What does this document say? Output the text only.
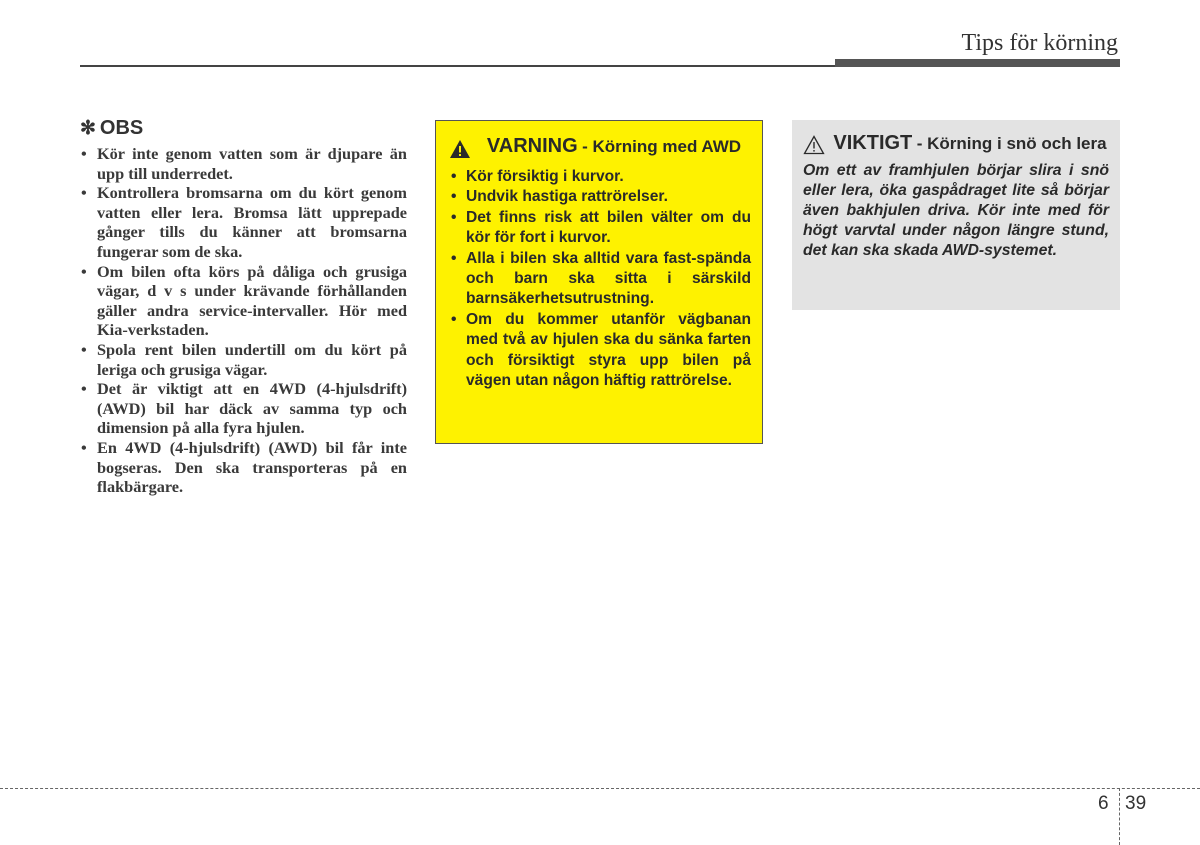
Tips för körning
✻ OBS
• Kör inte genom vatten som är djupare än upp till underredet.
• Kontrollera bromsarna om du kört genom vatten eller lera. Bromsa lätt upprepade gånger tills du känner att bromsarna fungerar som de ska.
• Om bilen ofta körs på dåliga och grusiga vägar, d v s under krävande förhållanden gäller andra service-intervaller. Hör med Kia-verkstaden.
• Spola rent bilen undertill om du kört på leriga och grusiga vägar.
• Det är viktigt att en 4WD (4-hjulsdrift) (AWD) bil har däck av samma typ och dimension på alla fyra hjulen.
• En 4WD (4-hjulsdrift) (AWD) bil får inte bogseras. Den ska transporteras på en flakbärgare.
VARNING - Körning med AWD
• Kör försiktig i kurvor.
• Undvik hastiga rattrörelser.
• Det finns risk att bilen välter om du kör för fort i kurvor.
• Alla i bilen ska alltid vara fast-spända och barn ska sitta i särskild barnsäkerhetsutrustning.
• Om du kommer utanför vägbanan med två av hjulen ska du sänka farten och försiktigt styra upp bilen på vägen utan någon häftig rattrörelse.
VIKTIGT - Körning i snö och lera

Om ett av framhjulen börjar slira i snö eller lera, öka gaspådraget lite så börjar även bakhjulen driva. Kör inte med för högt varvtal under någon längre stund, det kan ska skada AWD-systemet.

6 39
